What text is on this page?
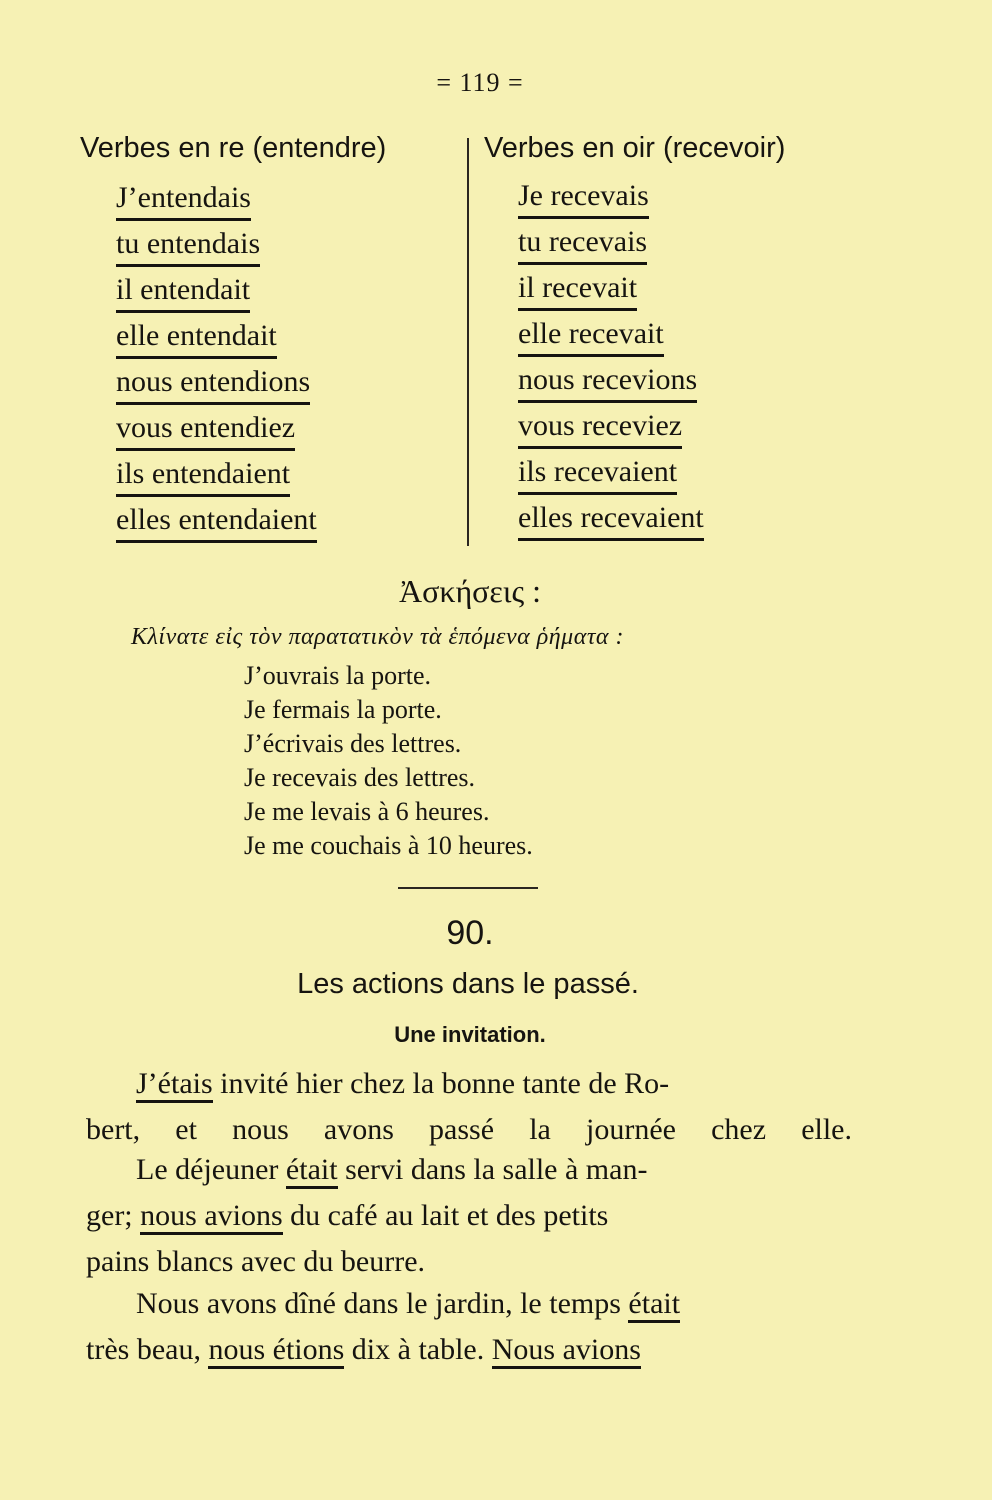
= 119 =
Verbes en re (entendre)	Verbes en oir (recevoir)
J’entendais
tu entendais
il entendait
elle entendait
nous entendions
vous entendiez
ils entendaient
elles entendaient
Je recevais
tu recevais
il recevait
elle recevait
nous recevions
vous receviez
ils recevaient
elles recevaient
Ἀσκήσεις :
Κλίνατε εἰς τὸν παρατατικὸν τὰ ἑπόμενα ῥήματα :
J’ouvrais la porte.
Je fermais la porte.
J’écrivais des lettres.
Je recevais des lettres.
Je me levais à 6 heures.
Je me couchais à 10 heures.
90.
Les actions dans le passé.
Une invitation.
J’étais invité hier chez la bonne tante de Ro-
bert, et nous avons passé la journée chez elle.
Le déjeuner était servi dans la salle à man-
ger; nous avions du café au lait et des petits
pains blancs avec du beurre.
Nous avons dîné dans le jardin, le temps était
très beau, nous étions dix à table. Nous avions
